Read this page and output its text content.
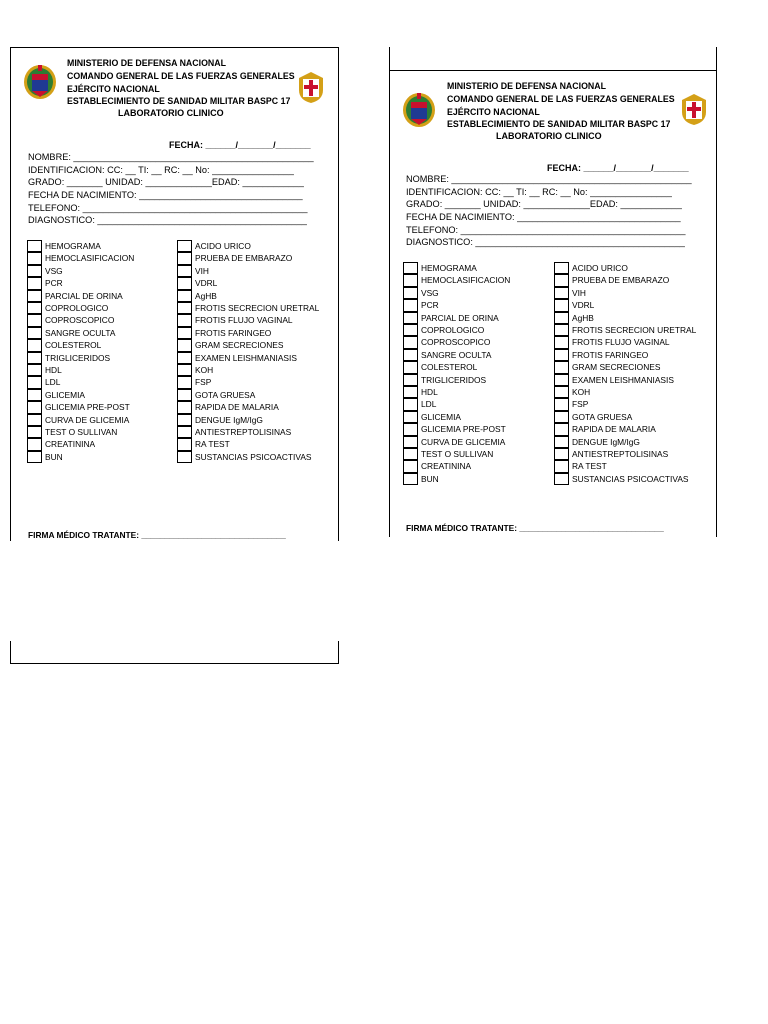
MINISTERIO DE DEFENSA NACIONAL
COMANDO GENERAL DE LAS FUERZAS GENERALES
EJÉRCITO NACIONAL
ESTABLECIMIENTO DE SANIDAD MILITAR BASPC 17
LABORATORIO CLINICO
FECHA: ______/_______/_______
NOMBRE: _______________________________________________
IDENTIFICACION: CC: __ TI: __ RC: __ No: ________________
GRADO: _______ UNIDAD: _____________EDAD: ____________
FECHA DE NACIMIENTO: ________________________________
TELEFONO: ____________________________________________
DIAGNOSTICO: _________________________________________
HEMOGRAMA
HEMOCLASIFICACION
VSG
PCR
PARCIAL DE ORINA
COPROLOGICO
COPROSCOPICO
SANGRE OCULTA
COLESTEROL
TRIGLICERIDOS
HDL
LDL
GLICEMIA
GLICEMIA PRE-POST
CURVA DE GLICEMIA
TEST O SULLIVAN
CREATININA
BUN
ACIDO URICO
PRUEBA DE EMBARAZO
VIH
VDRL
AgHB
FROTIS SECRECION URETRAL
FROTIS FLUJO VAGINAL
FROTIS FARINGEO
GRAM SECRECIONES
EXAMEN LEISHMANIASIS
KOH
FSP
GOTA GRUESA
RAPIDA DE MALARIA
DENGUE IgM/IgG
ANTIESTREPTOLISINAS
RA TEST
SUSTANCIAS PSICOACTIVAS
FIRMA MÉDICO TRATANTE: _______________________________
MINISTERIO DE DEFENSA NACIONAL
COMANDO GENERAL DE LAS FUERZAS GENERALES
EJÉRCITO NACIONAL
ESTABLECIMIENTO DE SANIDAD MILITAR BASPC 17
LABORATORIO CLINICO
FECHA: ______/_______/_______
NOMBRE: _______________________________________________
IDENTIFICACION: CC: __ TI: __ RC: __ No: ________________
GRADO: _______ UNIDAD: _____________EDAD: ____________
FECHA DE NACIMIENTO: ________________________________
TELEFONO: ____________________________________________
DIAGNOSTICO: _________________________________________
HEMOGRAMA
HEMOCLASIFICACION
VSG
PCR
PARCIAL DE ORINA
COPROLOGICO
COPROSCOPICO
SANGRE OCULTA
COLESTEROL
TRIGLICERIDOS
HDL
LDL
GLICEMIA
GLICEMIA PRE-POST
CURVA DE GLICEMIA
TEST O SULLIVAN
CREATININA
BUN
ACIDO URICO
PRUEBA DE EMBARAZO
VIH
VDRL
AgHB
FROTIS SECRECION URETRAL
FROTIS FLUJO VAGINAL
FROTIS FARINGEO
GRAM SECRECIONES
EXAMEN LEISHMANIASIS
KOH
FSP
GOTA GRUESA
RAPIDA DE MALARIA
DENGUE IgM/IgG
ANTIESTREPTOLISINAS
RA TEST
SUSTANCIAS PSICOACTIVAS
FIRMA MÉDICO TRATANTE: _______________________________
